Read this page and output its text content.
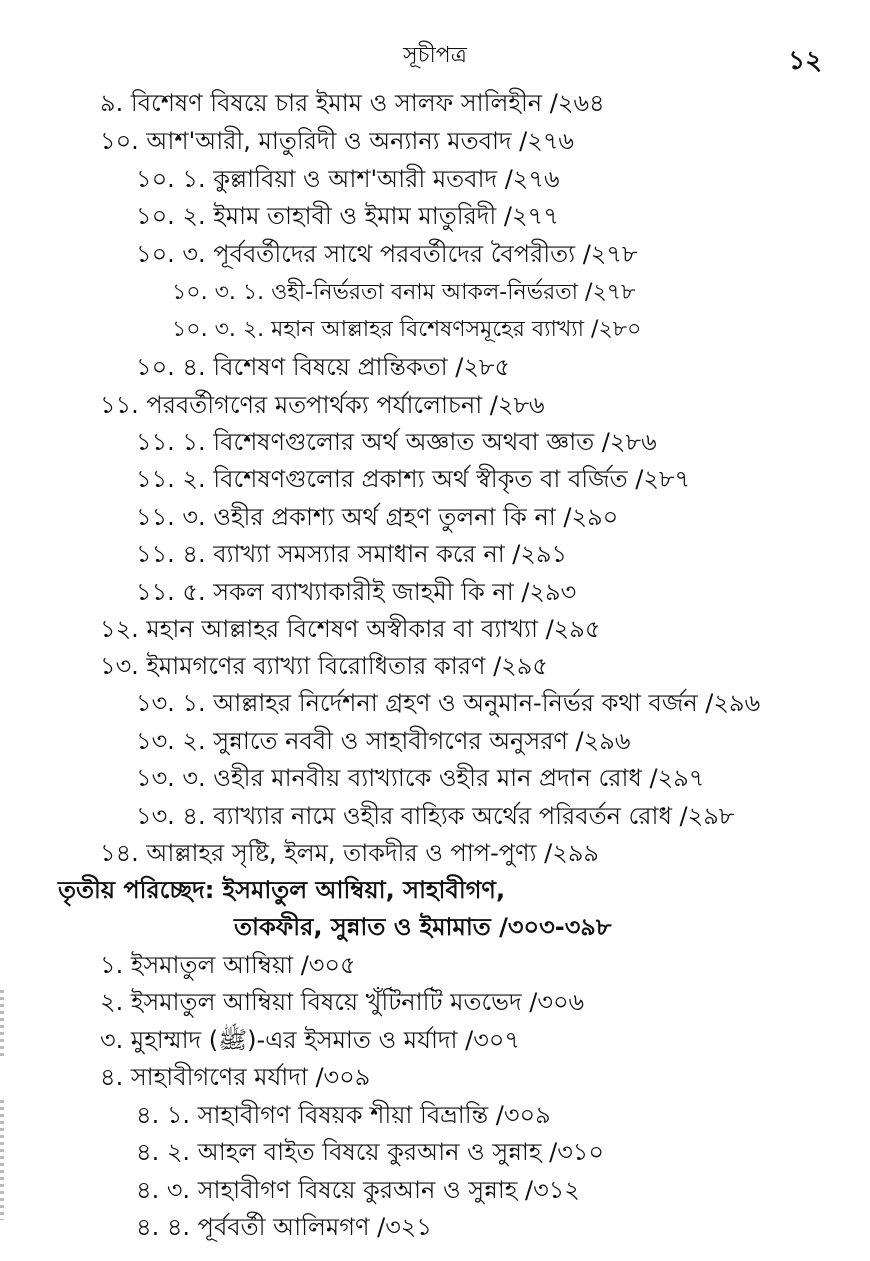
সূচীপত্র	১২
৯. বিশেষণ বিষয়ে চার ইমাম ও সালফ সালিহীন /২৬৪
১০. আশ'আরী, মাতুরিদী ও অন্যান্য মতবাদ /২৭৬
১০. ১. কুল্লাবিয়া ও আশ'আরী মতবাদ /২৭৬
১০. ২. ইমাম তাহাবী ও ইমাম মাতুরিদী /২৭৭
১০. ৩. পূর্ববর্তীদের সাথে পরবর্তীদের বৈপরীত্য /২৭৮
১০. ৩. ১. ওহী-নির্ভরতা বনাম আকল-নির্ভরতা /২৭৮
১০. ৩. ২. মহান আল্লাহর বিশেষণসমূহের ব্যাখ্যা /২৮০
১০. ৪. বিশেষণ বিষয়ে প্রান্তিকতা /২৮৫
১১. পরবর্তীগণের মতপার্থক্য পর্যালোচনা /২৮৬
১১. ১. বিশেষণগুলোর অর্থ অজ্ঞাত অথবা জ্ঞাত /২৮৬
১১. ২. বিশেষণগুলোর প্রকাশ্য অর্থ স্বীকৃত বা বর্জিত /২৮৭
১১. ৩. ওহীর প্রকাশ্য অর্থ গ্রহণ তুলনা কি না /২৯০
১১. ৪. ব্যাখ্যা সমস্যার সমাধান করে না /২৯১
১১. ৫. সকল ব্যাখ্যাকারীই জাহমী কি না /২৯৩
১২. মহান আল্লাহর বিশেষণ অস্বীকার বা ব্যাখ্যা /২৯৫
১৩. ইমামগণের ব্যাখ্যা বিরোধিতার কারণ /২৯৫
১৩. ১. আল্লাহর নির্দেশনা গ্রহণ ও অনুমান-নির্ভর কথা বর্জন /২৯৬
১৩. ২. সুন্নাতে নববী ও সাহাবীগণের অনুসরণ /২৯৬
১৩. ৩. ওহীর মানবীয় ব্যাখ্যাকে ওহীর মান প্রদান রোধ /২৯৭
১৩. ৪. ব্যাখ্যার নামে ওহীর বাহ্যিক অর্থের পরিবর্তন রোধ /২৯৮
১৪. আল্লাহর সৃষ্টি, ইলম, তাকদীর ও পাপ-পুণ্য /২৯৯
তৃতীয় পরিচ্ছেদ: ইসমাতুল আম্বিয়া, সাহাবীগণ,
তাকফীর, সুন্নাত ও ইমামাত /৩০৩-৩৯৮
১. ইসমাতুল আম্বিয়া /৩০৫
২. ইসমাতুল আম্বিয়া বিষয়ে খুঁটিনাটি মতভেদ /৩০৬
৩. মুহাম্মাদ (ﷺ)-এর ইসমাত ও মর্যাদা /৩০৭
৪. সাহাবীগণের মর্যাদা /৩০৯
৪. ১. সাহাবীগণ বিষয়ক শীয়া বিভ্রান্তি /৩০৯
৪. ২. আহল বাইত বিষয়ে কুরআন ও সুন্নাহ /৩১০
৪. ৩. সাহাবীগণ বিষয়ে কুরআন ও সুন্নাহ /৩১২
৪. ৪. পূর্ববর্তী আলিমগণ /৩২১
